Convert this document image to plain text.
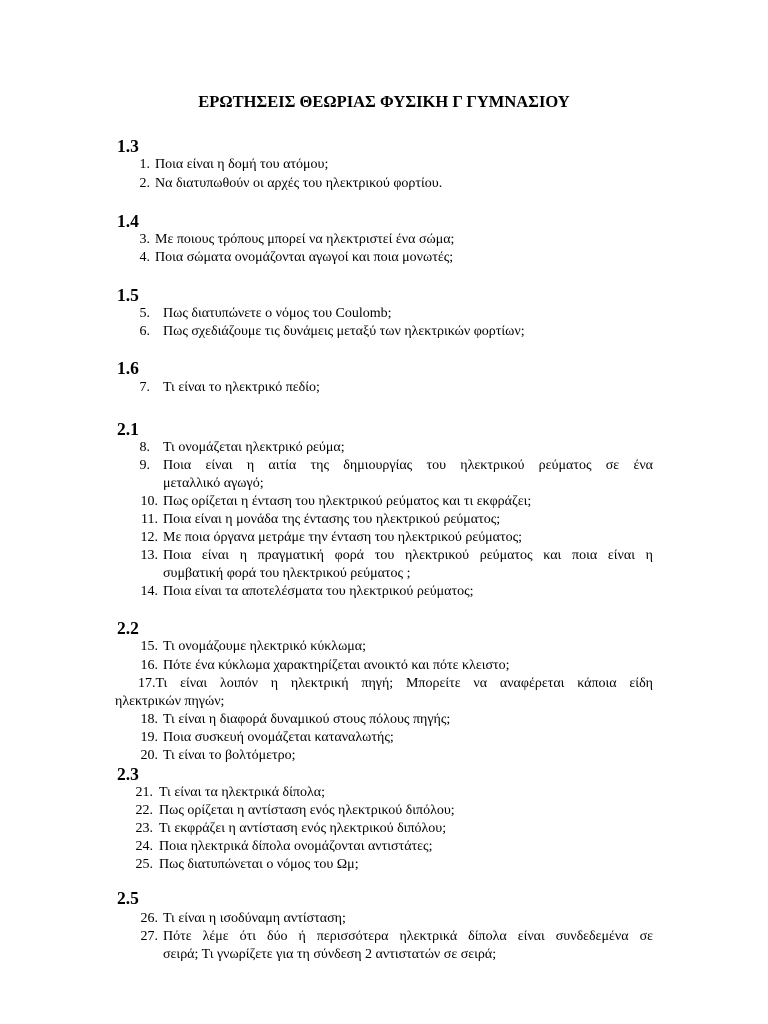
ΕΡΩΤΗΣΕΙΣ ΘΕΩΡΙΑΣ ΦΥΣΙΚΗ Γ ΓΥΜΝΑΣΙΟΥ
1.3
1. Ποια είναι η δομή του ατόμου;
2. Να διατυπωθούν οι αρχές του ηλεκτρικού φορτίου.
1.4
3. Με ποιους τρόπους μπορεί να ηλεκτριστεί ένα σώμα;
4. Ποια σώματα ονομάζονται αγωγοί και ποια μονωτές;
1.5
5. Πως διατυπώνετε ο νόμος του Coulomb;
6. Πως σχεδιάζουμε τις δυνάμεις μεταξύ των ηλεκτρικών φορτίων;
1.6
7. Τι είναι το ηλεκτρικό πεδίο;
2.1
8. Τι ονομάζεται ηλεκτρικό ρεύμα;
9. Ποια είναι η αιτία της δημιουργίας του ηλεκτρικού ρεύματος σε ένα
μεταλλικό αγωγό;
10. Πως ορίζεται η ένταση του ηλεκτρικού ρεύματος και τι εκφράζει;
11. Ποια είναι η μονάδα της έντασης του ηλεκτρικού ρεύματος;
12. Με ποια όργανα μετράμε την ένταση του ηλεκτρικού ρεύματος;
13. Ποια είναι η πραγματική φορά του ηλεκτρικού ρεύματος και ποια είναι η
συμβατική φορά του ηλεκτρικού ρεύματος ;
14. Ποια είναι τα αποτελέσματα του ηλεκτρικού ρεύματος;
2.2
15. Τι ονομάζουμε ηλεκτρικό κύκλωμα;
16. Πότε ένα κύκλωμα χαρακτηρίζεται ανοικτό και πότε κλειστο;
17.Τι είναι λοιπόν η ηλεκτρική πηγή; Μπορείτε να αναφέρεται κάποια είδη
ηλεκτρικών πηγών;
18. Τι είναι η διαφορά δυναμικού στους πόλους πηγής;
19. Ποια συσκευή ονομάζεται καταναλωτής;
20. Τι είναι το βολτόμετρο;
2.3
21. Τι είναι τα ηλεκτρικά δίπολα;
22. Πως ορίζεται η αντίσταση ενός ηλεκτρικού διπόλου;
23. Τι εκφράζει η αντίσταση ενός ηλεκτρικού διπόλου;
24. Ποια ηλεκτρικά δίπολα ονομάζονται αντιστάτες;
25. Πως διατυπώνεται ο νόμος του Ωμ;
2.5
26. Τι είναι η ισοδύναμη αντίσταση;
27. Πότε λέμε ότι δύο ή περισσότερα ηλεκτρικά δίπολα είναι συνδεδεμένα σε
σειρά; Τι γνωρίζετε για τη σύνδεση 2 αντιστατών σε σειρά;
